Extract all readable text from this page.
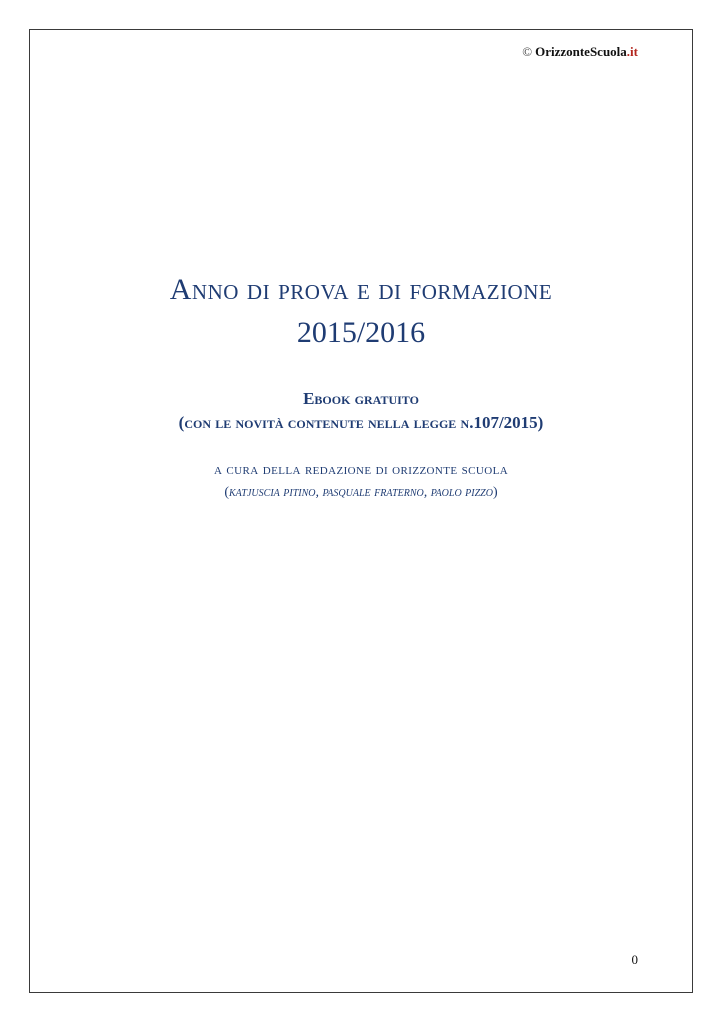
© OrizzonteScuola.it
Anno di prova e di formazione
2015/2016
Ebook gratuito
(con le novità contenute nella legge n.107/2015)
a cura della redazione di orizzonte scuola
(katjuscia pitino, pasquale fraterno, paolo pizzo)
0
